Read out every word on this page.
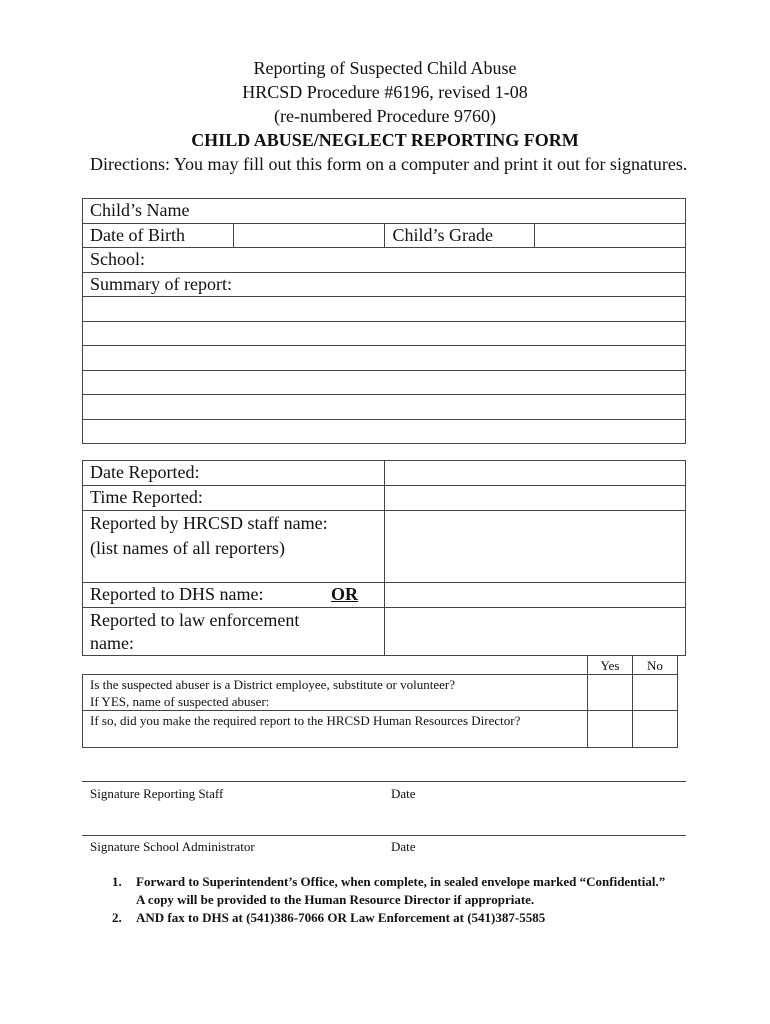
Reporting of Suspected Child Abuse
HRCSD Procedure #6196, revised 1-08
(re-numbered Procedure 9760)
CHILD ABUSE/NEGLECT REPORTING FORM
Directions: You may fill out this form on a computer and print it out for signatures.
Child’s Name
Date of Birth		Child’s Grade	
School:
Summary of report:

Date Reported:	
Time Reported:	

Reported by HRCSD staff name:
(list names of all reporters)	

Reported to DHS name: OR	

Reported to law enforcement
name:	

	Yes	No

Is the suspected abuser is a District employee, substitute or volunteer?
If YES, name of suspected abuser:		

If so, did you make the required report to the HRCSD Human Resources Director?		
Signature Reporting Staff	Date
Signature School Administrator	Date
1. Forward to Superintendent’s Office, when complete, in sealed envelope marked “Confidential.” A copy will be provided to the Human Resource Director if appropriate.
2. AND fax to DHS at (541)386-7066 OR Law Enforcement at (541)387-5585
